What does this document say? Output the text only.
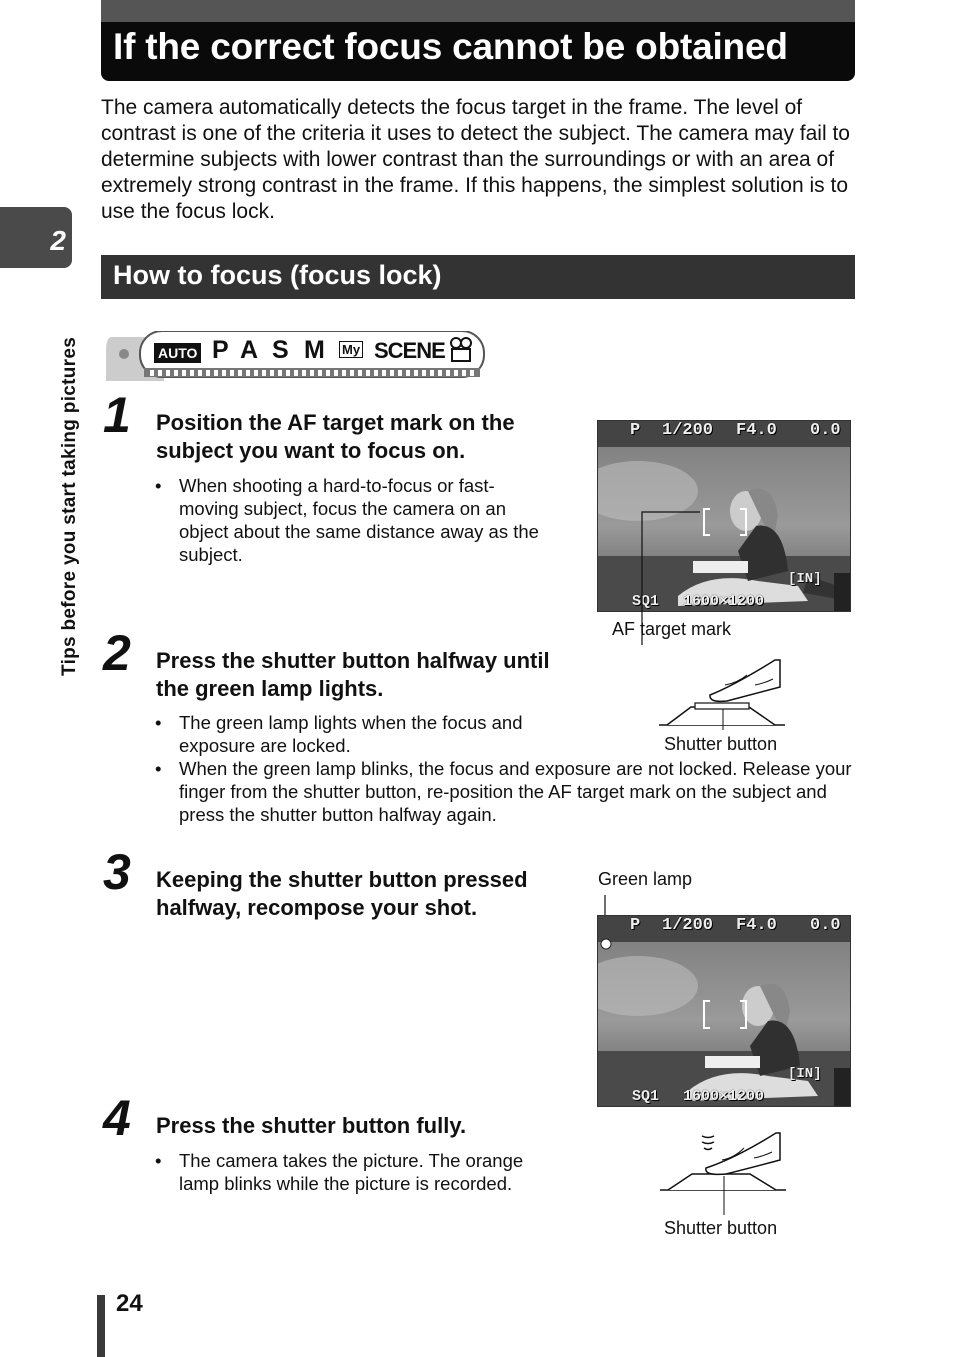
If the correct focus cannot be obtained
The camera automatically detects the focus target in the frame. The level of contrast is one of the criteria it uses to detect the subject. The camera may fail to determine subjects with lower contrast than the surroundings or with an area of extremely strong contrast in the frame. If this happens, the simplest solution is to use the focus lock.
How to focus (focus lock)
2
Tips before you start taking pictures	AUTO P A S M My SCENE
1 Position the AF target mark on the subject you want to focus on.
• When shooting a hard-to-focus or fast-moving subject, focus the camera on an object about the same distance away as the subject.
P 1/200 F4.0 0.0
[IN]
SQ1 1600×1200
AF target mark
2 Press the shutter button halfway until the green lamp lights.
• The green lamp lights when the focus and exposure are locked.
• When the green lamp blinks, the focus and exposure are not locked. Release your finger from the shutter button, re-position the AF target mark on the subject and press the shutter button halfway again.
Shutter button
3 Keeping the shutter button pressed halfway, recompose your shot.
Green lamp
P 1/200 F4.0 0.0
[IN]
SQ1 1600×1200
4 Press the shutter button fully.
• The camera takes the picture. The orange lamp blinks while the picture is recorded.
Shutter button
24
